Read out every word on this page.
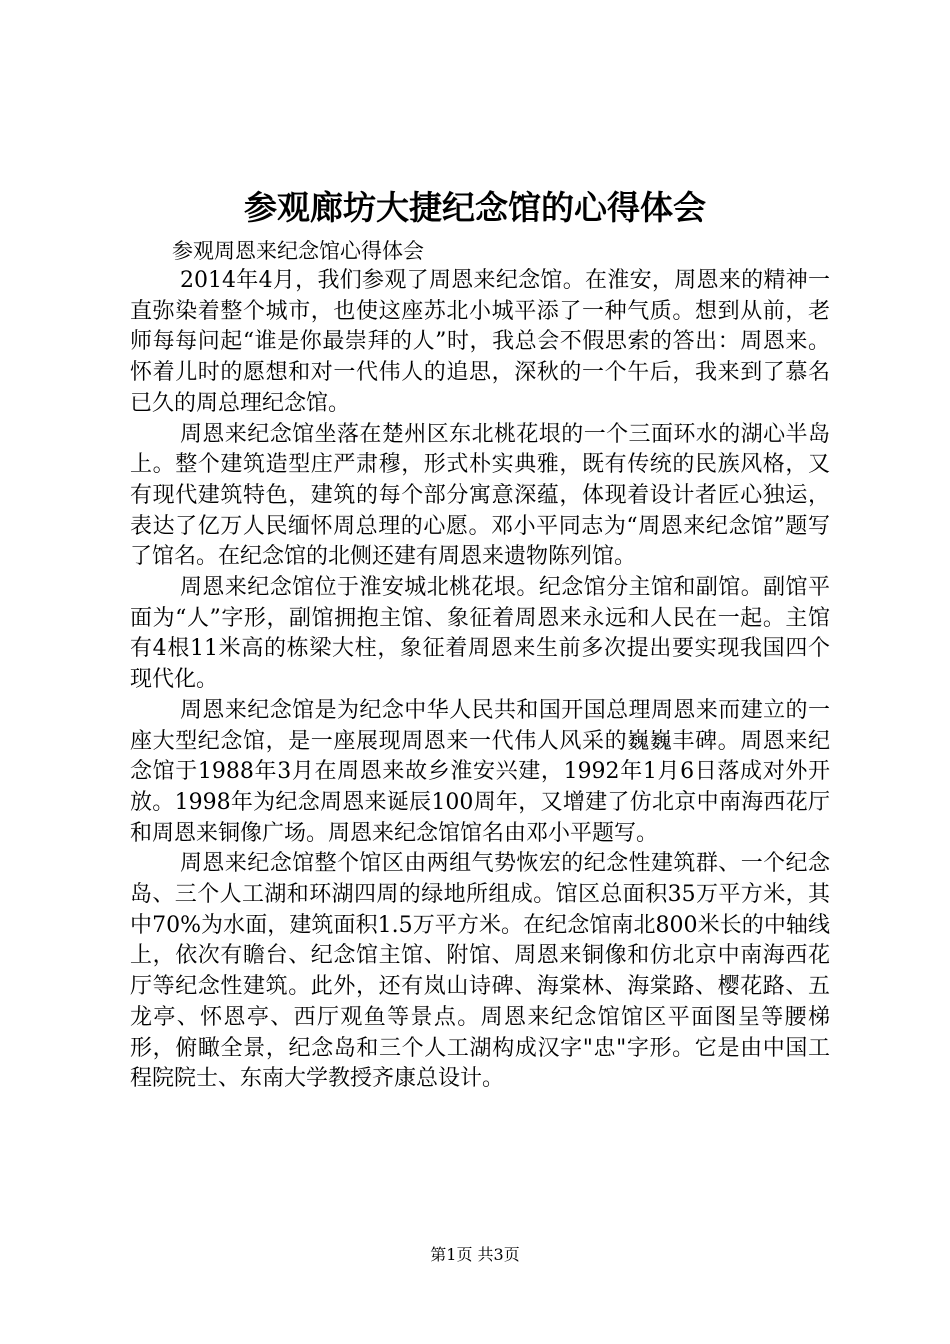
参观廊坊大捷纪念馆的心得体会

参观周恩来纪念馆心得体会

2014年4月，我们参观了周恩来纪念馆。在淮安，周恩来的精神一直弥染着整个城市，也使这座苏北小城平添了一种气质。想到从前，老师每每问起“谁是你最崇拜的人”时，我总会不假思索的答出：周恩来。怀着儿时的愿想和对一代伟人的追思，深秋的一个午后，我来到了慕名已久的周总理纪念馆。

周恩来纪念馆坐落在楚州区东北桃花垠的一个三面环水的湖心半岛上。整个建筑造型庄严肃穆，形式朴实典雅，既有传统的民族风格，又有现代建筑特色，建筑的每个部分寓意深蕴，体现着设计者匠心独运，表达了亿万人民缅怀周总理的心愿。邓小平同志为“周恩来纪念馆”题写了馆名。在纪念馆的北侧还建有周恩来遗物陈列馆。

周恩来纪念馆位于淮安城北桃花垠。纪念馆分主馆和副馆。副馆平面为“人”字形，副馆拥抱主馆、象征着周恩来永远和人民在一起。主馆有4根11米高的栋梁大柱，象征着周恩来生前多次提出要实现我国四个现代化。

周恩来纪念馆是为纪念中华人民共和国开国总理周恩来而建立的一座大型纪念馆，是一座展现周恩来一代伟人风采的巍巍丰碑。周恩来纪念馆于1988年3月在周恩来故乡淮安兴建，1992年1月6日落成对外开放。1998年为纪念周恩来诞辰100周年，又增建了仿北京中南海西花厅和周恩来铜像广场。周恩来纪念馆馆名由邓小平题写。

周恩来纪念馆整个馆区由两组气势恢宏的纪念性建筑群、一个纪念岛、三个人工湖和环湖四周的绿地所组成。馆区总面积35万平方米，其中70%为水面，建筑面积1.5万平方米。在纪念馆南北800米长的中轴线上，依次有瞻台、纪念馆主馆、附馆、周恩来铜像和仿北京中南海西花厅等纪念性建筑。此外，还有岚山诗碑、海棠林、海棠路、樱花路、五龙亭、怀恩亭、西厅观鱼等景点。周恩来纪念馆馆区平面图呈等腰梯形，俯瞰全景，纪念岛和三个人工湖构成汉字"忠"字形。它是由中国工程院院士、东南大学教授齐康总设计。

第1页 共3页
